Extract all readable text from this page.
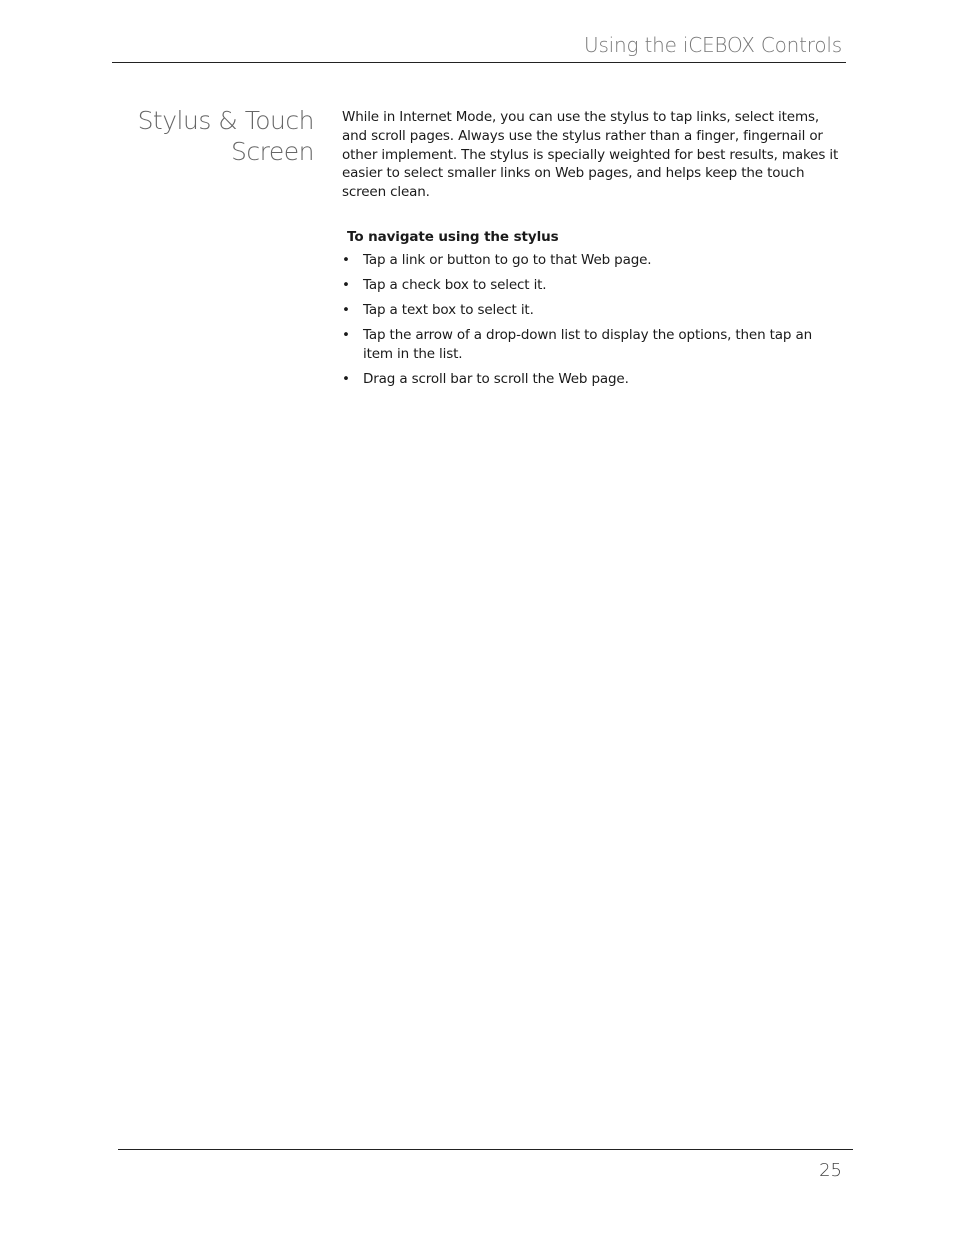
Using the iCEBOX Controls
Stylus & Touch
Screen

While in Internet Mode, you can use the stylus to tap links, select items, and scroll pages. Always use the stylus rather than a finger, fingernail or other implement. The stylus is specially weighted for best results, makes it easier to select smaller links on Web pages, and helps keep the touch screen clean.

To navigate using the stylus
• Tap a link or button to go to that Web page.
• Tap a check box to select it.
• Tap a text box to select it.
• Tap the arrow of a drop-down list to display the options, then tap an item in the list.
• Drag a scroll bar to scroll the Web page.
25
